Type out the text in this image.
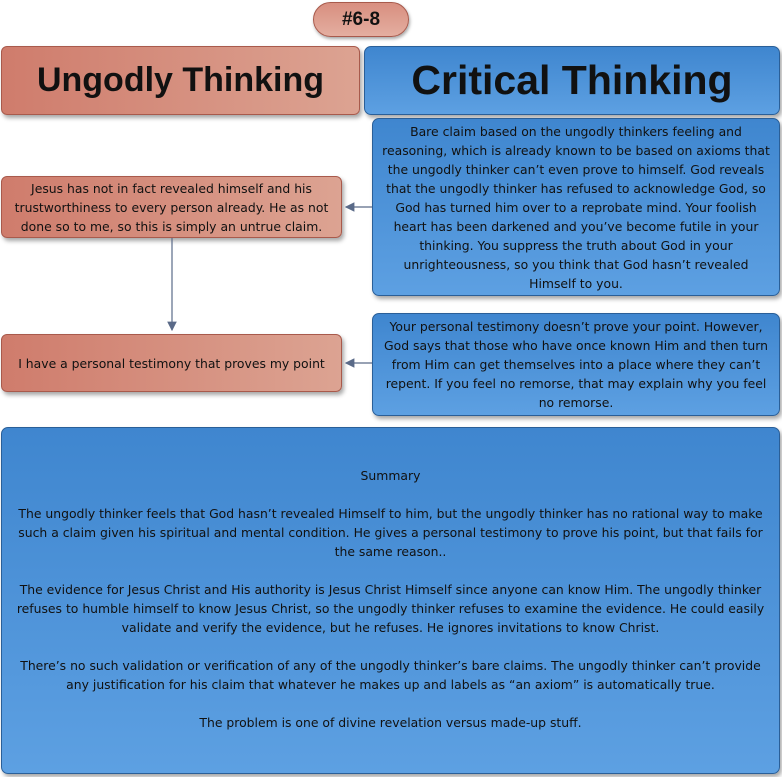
#6-8
Ungodly Thinking	Critical Thinking
Bare claim based on the ungodly thinkers feeling and reasoning, which is already known to be based on axioms that the ungodly thinker can’t even prove to himself. God reveals that the ungodly thinker has refused to acknowledge God, so God has turned him over to a reprobate mind. Your foolish heart has been darkened and you’ve become futile in your thinking. You suppress the truth about God in your unrighteousness, so you think that God hasn’t revealed Himself to you.
Jesus has not in fact revealed himself and his trustworthiness to every person already. He as not done so to me, so this is simply an untrue claim.
Your personal testimony doesn’t prove your point. However, God says that those who have once known Him and then turn from Him can get themselves into a place where they can’t repent. If you feel no remorse, that may explain why you feel no remorse.
I have a personal testimony that proves my point

Summary

The ungodly thinker feels that God hasn’t revealed Himself to him, but the ungodly thinker has no rational way to make such a claim given his spiritual and mental condition. He gives a personal testimony to prove his point, but that fails for the same reason..

The evidence for Jesus Christ and His authority is Jesus Christ Himself since anyone can know Him. The ungodly thinker refuses to humble himself to know Jesus Christ, so the ungodly thinker refuses to examine the evidence. He could easily validate and verify the evidence, but he refuses. He ignores invitations to know Christ.

There’s no such validation or verification of any of the ungodly thinker’s bare claims. The ungodly thinker can’t provide any justification for his claim that whatever he makes up and labels as “an axiom” is automatically true.

The problem is one of divine revelation versus made-up stuff.
